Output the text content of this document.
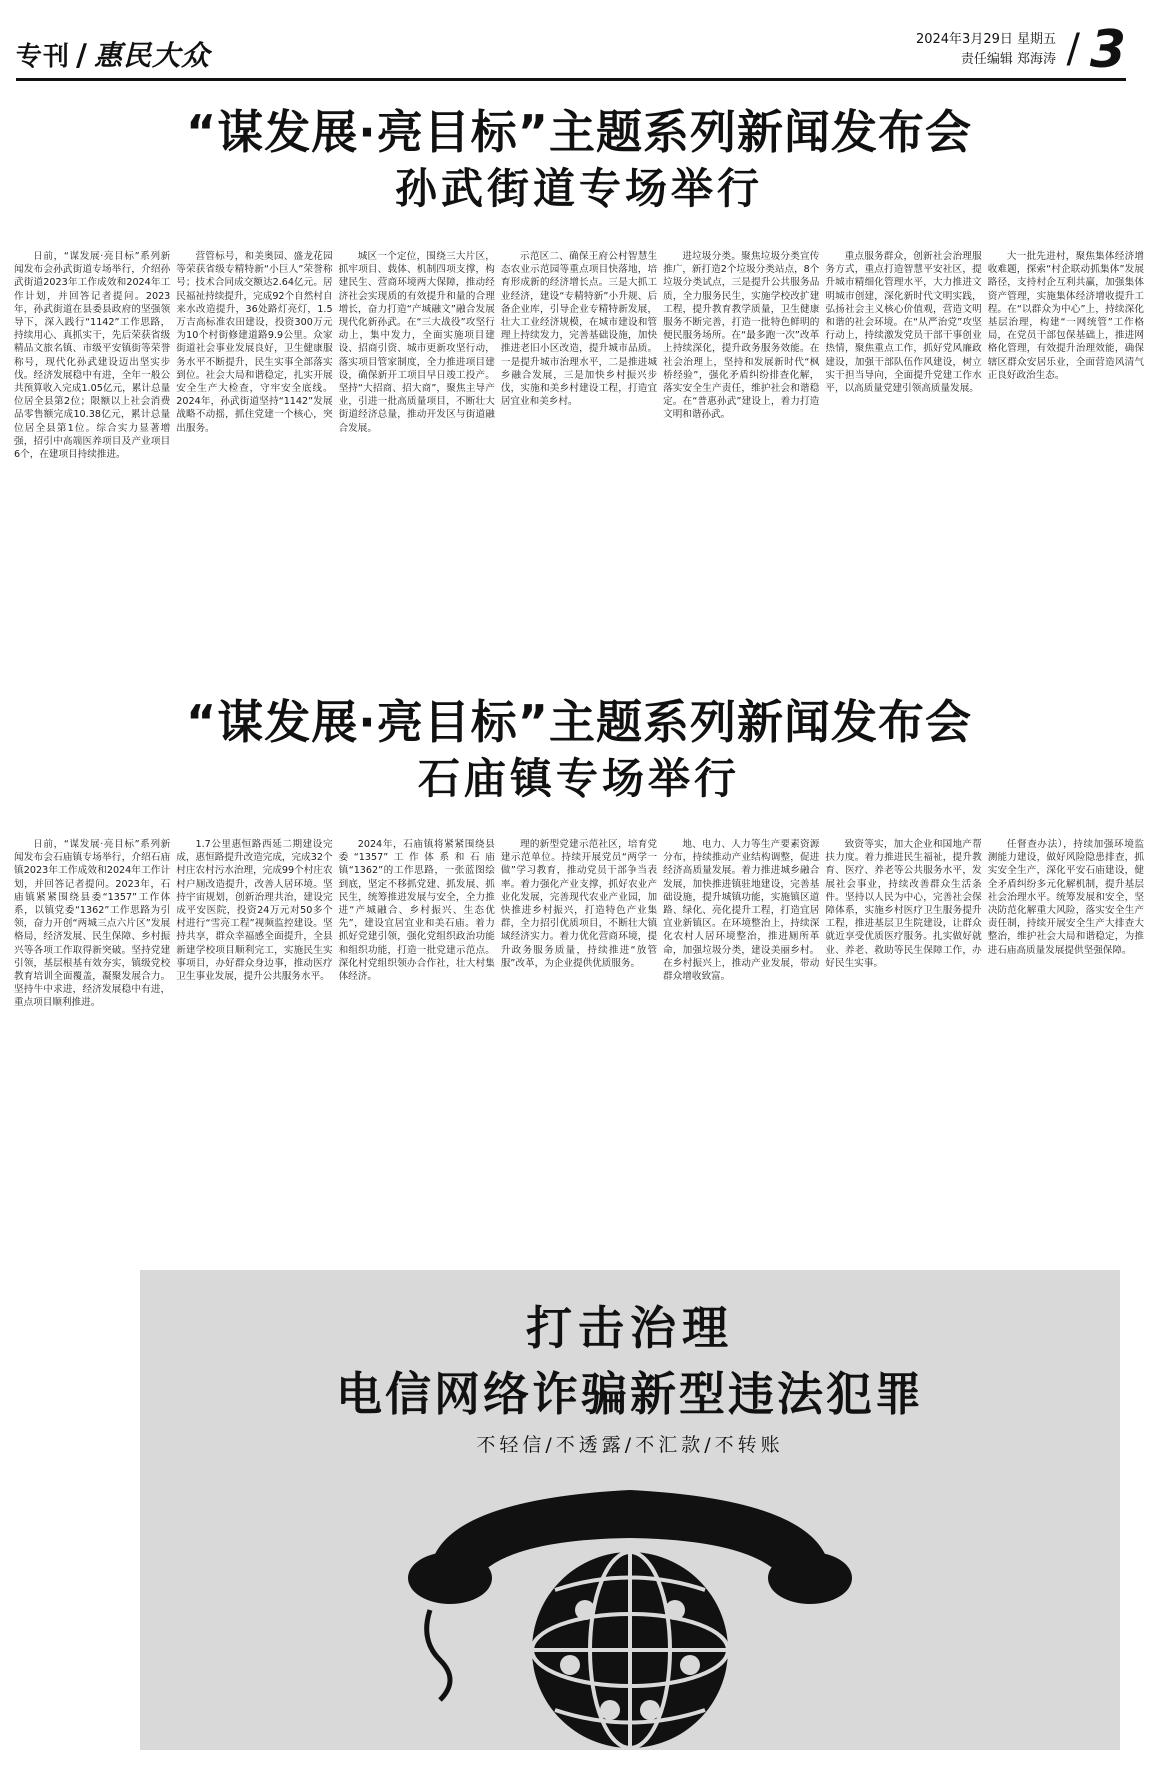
专刊 / 惠民大众	2024年3月29日 星期五
责任编辑 郑海涛 / 3
“谋发展·亮目标”主题系列新闻发布会
孙武街道专场举行

日前，“谋发展·亮目标”系列新闻发布会孙武街道专场举行，介绍孙武街道2023年工作成效和2024年工作计划，并回答记者提问。2023年，孙武街道在县委县政府的坚强领导下，深入践行“1142”工作思路，持续用心、真抓实干，先后荣获省级精品文旅名镇、市级平安镇街等荣誉称号，现代化孙武建设迈出坚实步伐。经济发展稳中有进，全年一般公共预算收入完成1.05亿元，累计总量位居全县第2位；限额以上社会消费品零售额完成10.38亿元，累计总量位居全县第1位。综合实力显著增强，招引中高端医养项目及产业项目6个，在建项目持续推进。

营管标号，和美奥园、盛龙花园等荣获省级专精特新“小巨人”荣誉称号；技术合同成交额达2.64亿元。居民福祉持续提升，完成92个自然村自来水改造提升，36处路灯亮灯，1.5万吉高标准农田建设，投资300万元为10个村街修建道路9.9公里。众家街道社会事业发展良好，卫生健康服务水平不断提升，民生实事全部落实到位。社会大局和谐稳定，扎实开展安全生产大检查，守牢安全底线。2024年，孙武街道坚持“1142”发展战略不动摇，抓住党建一个核心，突出服务。

城区一个定位，围绕三大片区，抓牢项目、载体、机制四项支撑，构建民生、营商环境两大保障，推动经济社会实现质的有效提升和量的合理增长，奋力打造“产城融文”融合发展现代化新孙武。在“三大战役”攻坚行动上，集中发力，全面实施项目建设、招商引资、城市更新攻坚行动，落实项目管家制度，全力推进项目建设，确保新开工项目早日竣工投产。坚持“大招商、招大商”，聚焦主导产业，引进一批高质量项目，不断壮大街道经济总量，推动开发区与街道融合发展。

示范区二、确保王府公村智慧生态农业示范园等重点项目快落地，培育形成新的经济增长点。三是大抓工业经济，建设“专精特新”小升规、后备企业库，引导企业专精特新发展，壮大工业经济规模，在城市建设和管理上持续发力，完善基础设施，加快推进老旧小区改造，提升城市品质。一是提升城市治理水平，二是推进城乡融合发展，三是加快乡村振兴步伐，实施和美乡村建设工程，打造宜居宜业和美乡村。

进垃圾分类。聚焦垃圾分类宣传推广，新打造2个垃圾分类站点，8个垃圾分类试点，三是提升公共服务品质，全力服务民生，实施学校改扩建工程，提升教育教学质量，卫生健康服务不断完善，打造一批特色鲜明的便民服务场所。在“最多跑一次”改革上持续深化，提升政务服务效能。在社会治理上，坚持和发展新时代“枫桥经验”，强化矛盾纠纷排查化解，落实安全生产责任，维护社会和谐稳定。在“普惠孙武”建设上，着力打造文明和谐孙武。

重点服务群众，创新社会治理服务方式，重点打造智慧平安社区，提升城市精细化管理水平，大力推进文明城市创建，深化新时代文明实践，弘扬社会主义核心价值观，营造文明和谐的社会环境。在“从严治党”攻坚行动上，持续激发党员干部干事创业热情，聚焦重点工作，抓好党风廉政建设，加强干部队伍作风建设，树立实干担当导向，全面提升党建工作水平，以高质量党建引领高质量发展。

大一批先进村，聚焦集体经济增收难题，探索“村企联动抓集体”发展路径，支持村企互利共赢，加强集体资产管理，实施集体经济增收提升工程。在“以群众为中心”上，持续深化基层治理，构建“一网统管”工作格局，在党员干部包保基础上，推进网格化管理，有效提升治理效能，确保辖区群众安居乐业，全面营造风清气正良好政治生态。

“谋发展·亮目标”主题系列新闻发布会
石庙镇专场举行

日前，“谋发展·亮目标”系列新闻发布会石庙镇专场举行，介绍石庙镇2023年工作成效和2024年工作计划，并回答记者提问。2023年，石庙镇紧紧围绕县委“1357”工作体系，以镇党委“1362”工作思路为引领，奋力开创“两城三点六片区”发展格局，经济发展、民生保障、乡村振兴等各项工作取得新突破。坚持党建引领，基层根基有效夯实，镇级党校教育培训全面覆盖，凝聚发展合力。坚持牛中求进，经济发展稳中有进，重点项目顺利推进。

1.7公里惠恒路西延二期建设完成，惠恒路提升改造完成，完成32个村庄农村污水治理，完成99个村庄农村户厕改造提升，改善人居环境。坚持宇宙规划，创新治理共治，建设完成平安医院，投资24万元对50多个村进行“雪亮工程”视频监控建设。坚持共享，群众幸福感全面提升，全县新建学校项目顺利完工，实施民生实事项目，办好群众身边事，推动医疗卫生事业发展，提升公共服务水平。

2024年，石庙镇将紧紧围绕县委“1357”工作体系和石庙镇“1362”的工作思路，一张蓝图绘到底，坚定不移抓党建、抓发展、抓民生，统筹推进发展与安全，全力推进“产城融合、乡村振兴、生态优先”，建设宜居宜业和美石庙。着力抓好党建引领，强化党组织政治功能和组织功能，打造一批党建示范点。深化村党组织领办合作社，壮大村集体经济。

理的新型党建示范社区，培育党建示范单位。持续开展党员“两学一做”学习教育，推动党员干部争当表率。着力强化产业支撑，抓好农业产业化发展，完善现代农业产业园，加快推进乡村振兴，打造特色产业集群，全力招引优质项目，不断壮大镇域经济实力。着力优化营商环境，提升政务服务质量，持续推进“放管服”改革，为企业提供优质服务。

地、电力、人力等生产要素资源分布，持续推动产业结构调整，促进经济高质量发展。着力推进城乡融合发展，加快推进镇驻地建设，完善基础设施，提升城镇功能，实施镇区道路、绿化、亮化提升工程，打造宜居宜业新镇区。在环境整治上，持续深化农村人居环境整治，推进厕所革命，加强垃圾分类，建设美丽乡村。在乡村振兴上，推动产业发展，带动群众增收致富。

致资等实，加大企业和国地产帮扶力度。着力推进民生福祉，提升教育、医疗、养老等公共服务水平，发展社会事业，持续改善群众生活条件。坚持以人民为中心，完善社会保障体系，实施乡村医疗卫生服务提升工程，推进基层卫生院建设，让群众就近享受优质医疗服务。扎实做好就业、养老、救助等民生保障工作，办好民生实事。

任督查办法），持续加强环境监测能力建设，做好风险隐患排查，抓实安全生产，深化平安石庙建设，健全矛盾纠纷多元化解机制，提升基层社会治理水平。统筹发展和安全，坚决防范化解重大风险，落实安全生产责任制，持续开展安全生产大排查大整治，维护社会大局和谐稳定，为推进石庙高质量发展提供坚强保障。

打击治理
电信网络诈骗新型违法犯罪
不轻信/不透露/不汇款/不转账
